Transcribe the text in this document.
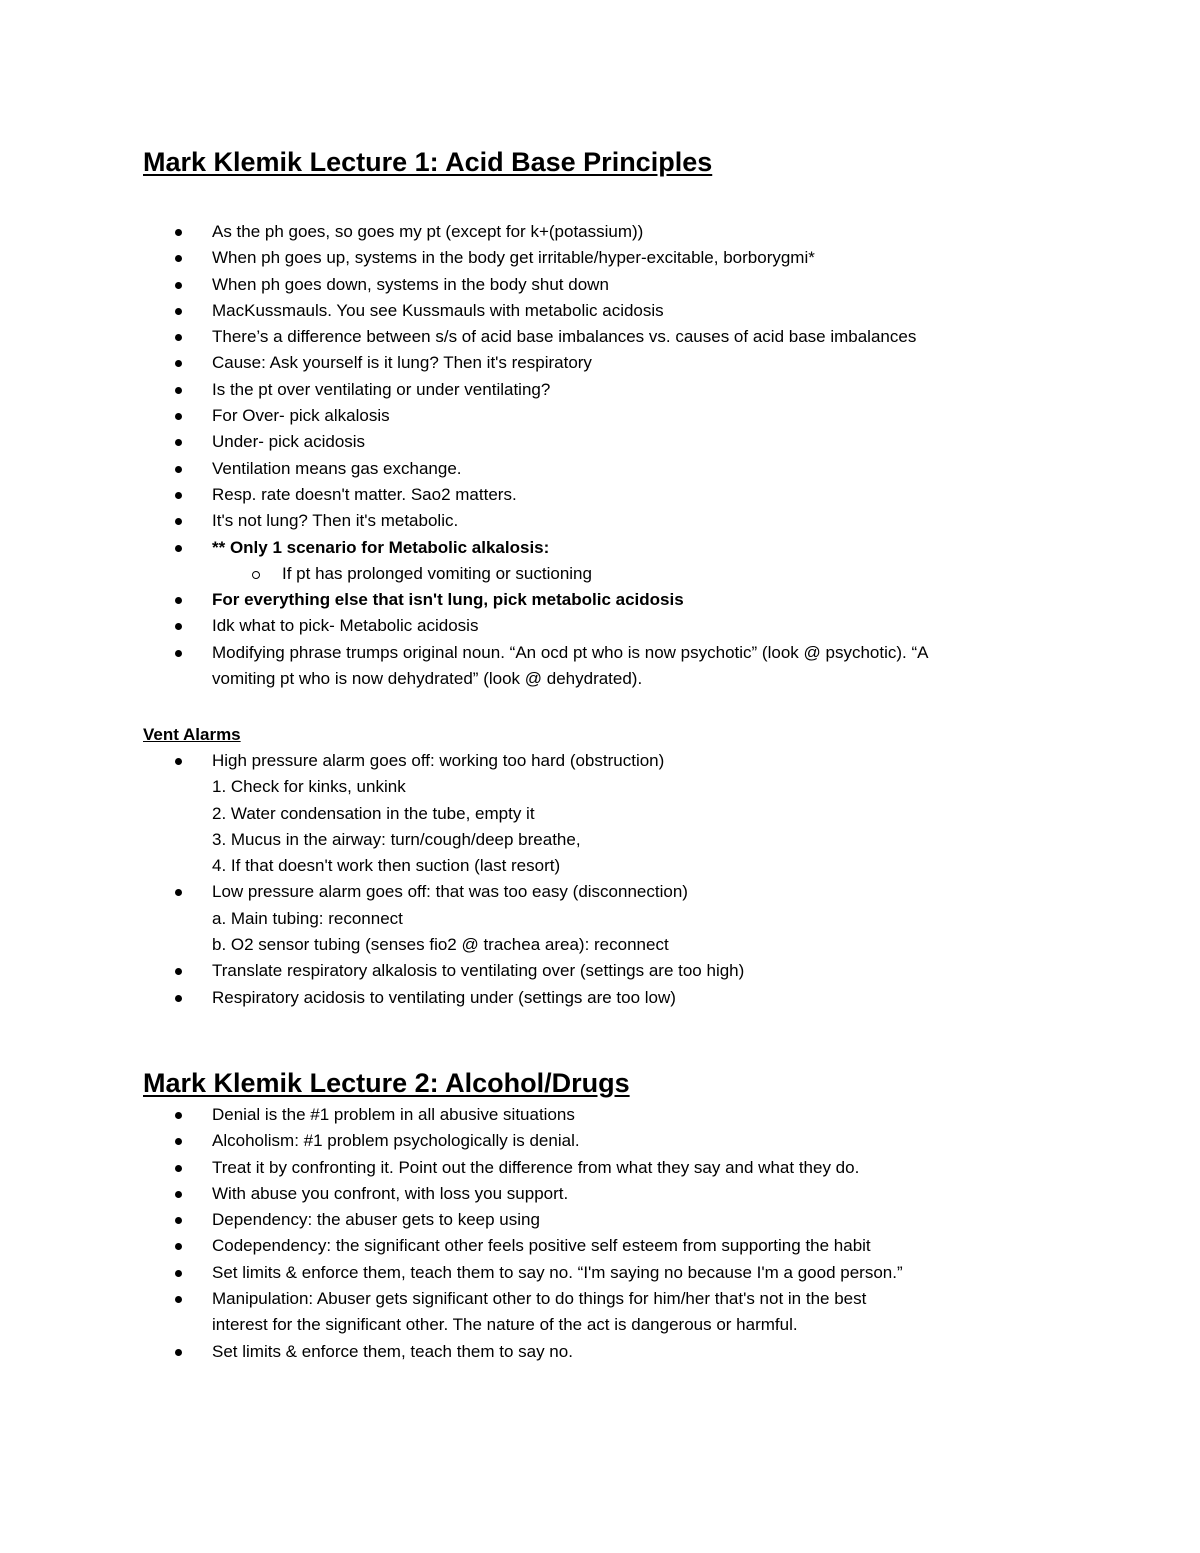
Mark Klemik Lecture 1: Acid Base Principles
As the ph goes, so goes my pt (except for k+(potassium))
When ph goes up, systems in the body get irritable/hyper-excitable, borborygmi*
When ph goes down, systems in the body shut down
MacKussmauls. You see Kussmauls with metabolic acidosis
There’s a difference between s/s of acid base imbalances vs. causes of acid base imbalances
Cause: Ask yourself is it lung? Then it's respiratory
Is the pt over ventilating or under ventilating?
For Over- pick alkalosis
Under- pick acidosis
Ventilation means gas exchange.
Resp. rate doesn't matter. Sao2 matters.
It's not lung? Then it's metabolic.
** Only 1 scenario for Metabolic alkalosis:
If pt has prolonged vomiting or suctioning
For everything else that isn't lung, pick metabolic acidosis
Idk what to pick- Metabolic acidosis
Modifying phrase trumps original noun. “An ocd pt who is now psychotic” (look @ psychotic). “A
vomiting pt who is now dehydrated” (look @ dehydrated).
Vent Alarms
High pressure alarm goes off: working too hard (obstruction)
1. Check for kinks, unkink
2. Water condensation in the tube, empty it
3. Mucus in the airway: turn/cough/deep breathe,
4. If that doesn't work then suction (last resort)
Low pressure alarm goes off: that was too easy (disconnection)
a. Main tubing: reconnect
b. O2 sensor tubing (senses fio2 @ trachea area): reconnect
Translate respiratory alkalosis to ventilating over (settings are too high)
Respiratory acidosis to ventilating under (settings are too low)
Mark Klemik Lecture 2: Alcohol/Drugs
Denial is the #1 problem in all abusive situations
Alcoholism: #1 problem psychologically is denial.
Treat it by confronting it. Point out the difference from what they say and what they do.
With abuse you confront, with loss you support.
Dependency: the abuser gets to keep using
Codependency: the significant other feels positive self esteem from supporting the habit
Set limits & enforce them, teach them to say no. “I'm saying no because I'm a good person.”
Manipulation: Abuser gets significant other to do things for him/her that's not in the best
interest for the significant other. The nature of the act is dangerous or harmful.
Set limits & enforce them, teach them to say no.
